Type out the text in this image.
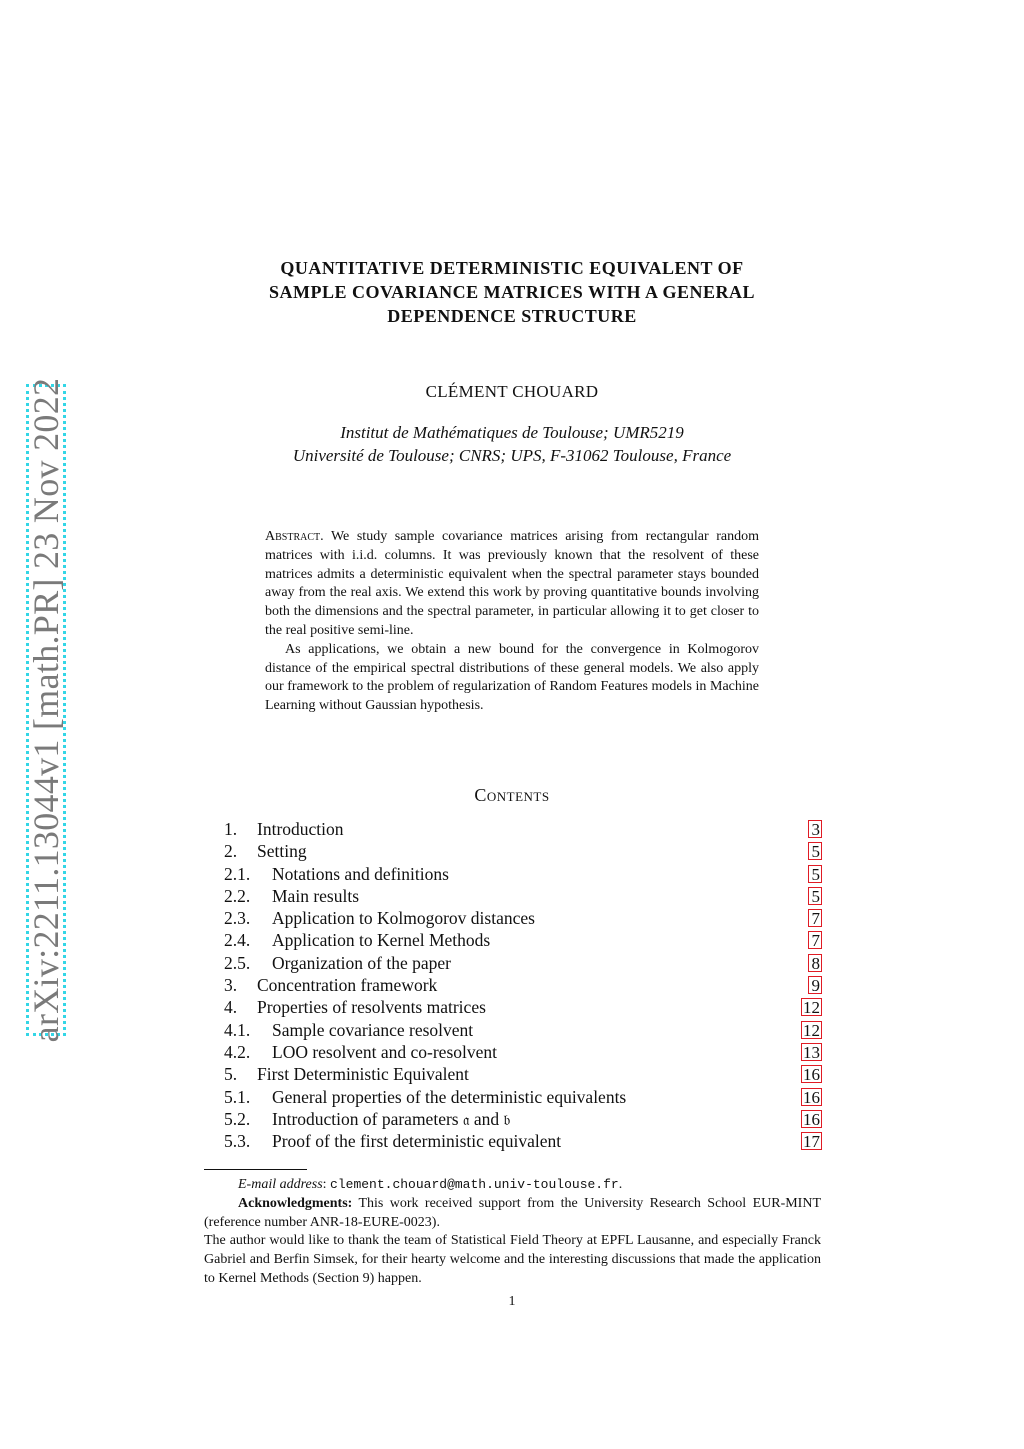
arXiv:2211.13044v1 [math.PR] 23 Nov 2022
QUANTITATIVE DETERMINISTIC EQUIVALENT OF
SAMPLE COVARIANCE MATRICES WITH A GENERAL
DEPENDENCE STRUCTURE
CLÉMENT CHOUARD
Institut de Mathématiques de Toulouse; UMR5219
Université de Toulouse; CNRS; UPS, F-31062 Toulouse, France

Abstract. We study sample covariance matrices arising from rectangular random matrices with i.i.d. columns. It was previously known that the resolvent of these matrices admits a deterministic equivalent when the spectral parameter stays bounded away from the real axis. We extend this work by proving quantitative bounds involving both the dimensions and the spectral parameter, in particular allowing it to get closer to the real positive semi-line.

As applications, we obtain a new bound for the convergence in Kolmogorov distance of the empirical spectral distributions of these general models. We also apply our framework to the problem of regularization of Random Features models in Machine Learning without Gaussian hypothesis.

Contents
1. Introduction	3
2. Setting	5
2.1. Notations and definitions	5
2.2. Main results	5
2.3. Application to Kolmogorov distances	7
2.4. Application to Kernel Methods	7
2.5. Organization of the paper	8
3. Concentration framework	9
4. Properties of resolvents matrices	12
4.1. Sample covariance resolvent	12
4.2. LOO resolvent and co-resolvent	13
5. First Deterministic Equivalent	16
5.1. General properties of the deterministic equivalents	16
5.2. Introduction of parameters 𝔞 and 𝔟	16
5.3. Proof of the first deterministic equivalent	17

E-mail address: clement.chouard@math.univ-toulouse.fr.

Acknowledgments: This work received support from the University Research School EUR-MINT (reference number ANR-18-EURE-0023).

The author would like to thank the team of Statistical Field Theory at EPFL Lausanne, and especially Franck Gabriel and Berfin Simsek, for their hearty welcome and the interesting discussions that made the application to Kernel Methods (Section 9) happen.

1
